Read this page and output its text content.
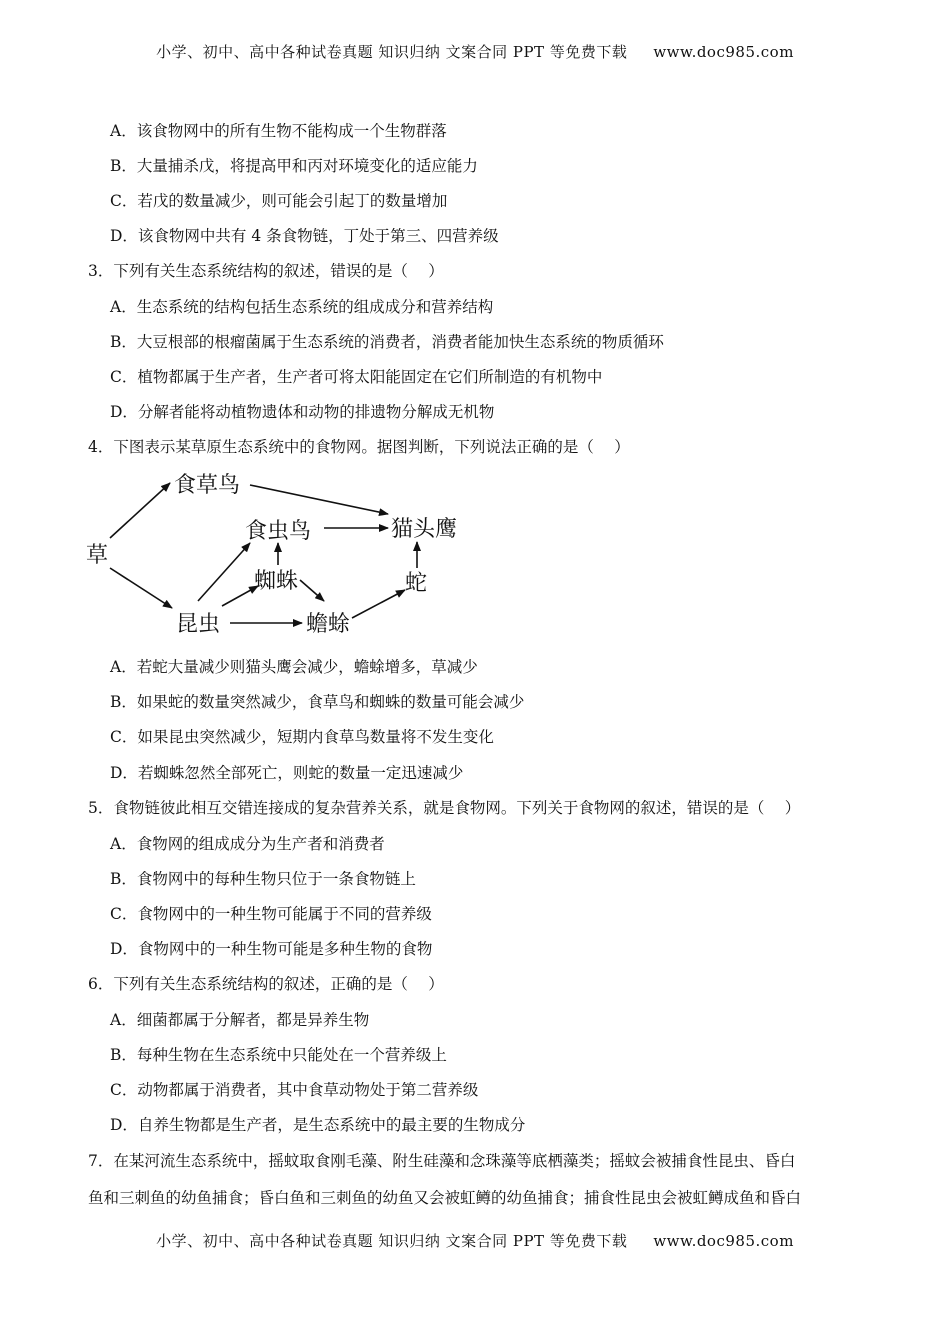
小学、初中、高中各种试卷真题 知识归纳 文案合同 PPT 等免费下载 www.doc985.com
A．该食物网中的所有生物不能构成一个生物群落
B．大量捕杀戊，将提高甲和丙对环境变化的适应能力
C．若戊的数量减少，则可能会引起丁的数量增加
D．该食物网中共有 4 条食物链，丁处于第三、四营养级
3．下列有关生态系统结构的叙述，错误的是（　 ）
A．生态系统的结构包括生态系统的组成成分和营养结构
B．大豆根部的根瘤菌属于生态系统的消费者，消费者能加快生态系统的物质循环
C．植物都属于生产者，生产者可将太阳能固定在它们所制造的有机物中
D．分解者能将动植物遗体和动物的排遗物分解成无机物
4．下图表示某草原生态系统中的食物网。据图判断，下列说法正确的是（　 ）
草
食草鸟
食虫鸟	猫头鹰
蜘蛛	蛇
昆虫	蟾蜍
A．若蛇大量减少则猫头鹰会减少，蟾蜍增多，草减少
B．如果蛇的数量突然减少，食草鸟和蜘蛛的数量可能会减少
C．如果昆虫突然减少，短期内食草鸟数量将不发生变化
D．若蜘蛛忽然全部死亡，则蛇的数量一定迅速减少
5．食物链彼此相互交错连接成的复杂营养关系，就是食物网。下列关于食物网的叙述，错误的是（　 ）
A．食物网的组成成分为生产者和消费者
B．食物网中的每种生物只位于一条食物链上
C．食物网中的一种生物可能属于不同的营养级
D．食物网中的一种生物可能是多种生物的食物
6．下列有关生态系统结构的叙述，正确的是（　 ）
A．细菌都属于分解者，都是异养生物
B．每种生物在生态系统中只能处在一个营养级上
C．动物都属于消费者，其中食草动物处于第二营养级
D．自养生物都是生产者，是生态系统中的最主要的生物成分
7．在某河流生态系统中，摇蚊取食刚毛藻、附生硅藻和念珠藻等底栖藻类；摇蚊会被捕食性昆虫、昏白
鱼和三刺鱼的幼鱼捕食；昏白鱼和三刺鱼的幼鱼又会被虹鳟的幼鱼捕食；捕食性昆虫会被虹鳟成鱼和昏白
小学、初中、高中各种试卷真题 知识归纳 文案合同 PPT 等免费下载 www.doc985.com
